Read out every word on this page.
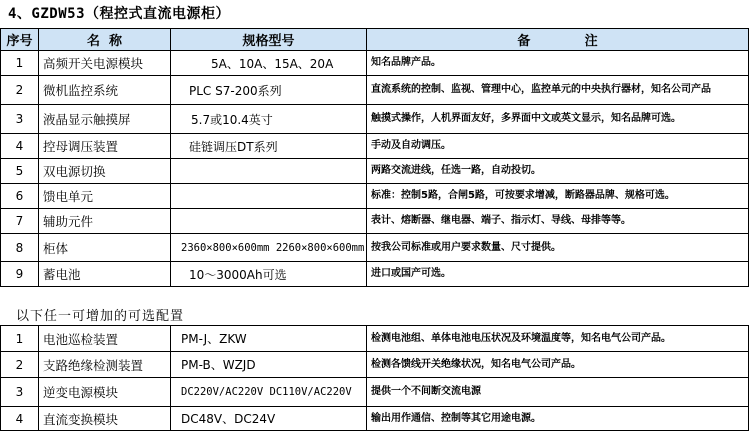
4、GZDW53（程控式直流电源柜）
序号	名  称	规格型号	备            注
1	高频开关电源模块	5A、10A、15A、20A	知名品牌产品。
2	微机监控系统	PLC S7-200系列	直流系统的控制、监视、管理中心，监控单元的中央执行器材，知名公司产品
3	液晶显示触摸屏	5.7或10.4英寸	触摸式操作，人机界面友好，多界面中文或英文显示，知名品牌可选。
4	控母调压装置	硅链调压DT系列	手动及自动调压。
5	双电源切换		两路交流进线，任选一路，自动投切。
6	馈电单元		标准：控制5路，合闸5路，可按要求增减，断路器品牌、规格可选。
7	辅助元件		表计、熔断器、继电器、端子、指示灯、导线、母排等等。
8	柜体	2360×800×600mm 2260×800×600mm	按我公司标准或用户要求数量、尺寸提供。
9	蓄电池	10～3000Ah可选	进口或国产可选。
以下任一可增加的可选配置
1	电池巡检装置	PM-J、ZKW	检测电池组、单体电池电压状况及环境温度等，知名电气公司产品。
2	支路绝缘检测装置	PM-B、WZJD	检测各馈线开关绝缘状况，知名电气公司产品。
3	逆变电源模块	DC220V/AC220V DC110V/AC220V	提供一个不间断交流电源
4	直流变换模块	DC48V、DC24V	输出用作通信、控制等其它用途电源。
